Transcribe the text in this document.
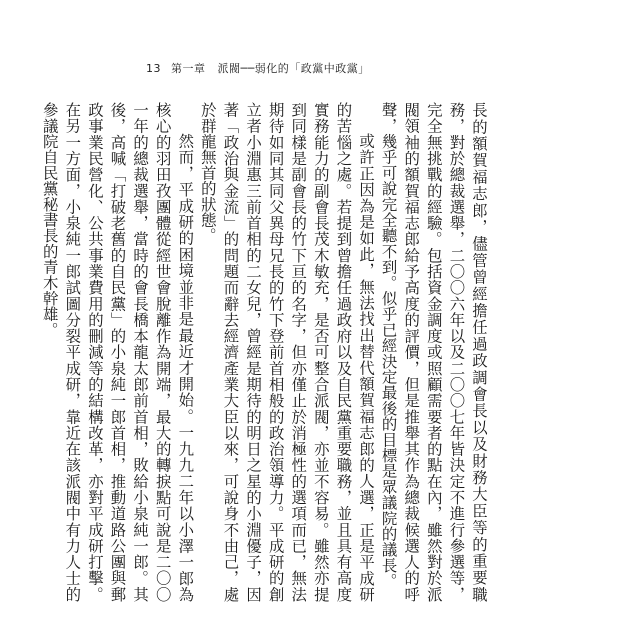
13 第一章 派閥──弱化的「政黨中政黨」

長的額賀福志郎，儘管曾經擔任過政調會長以及財務大臣等的重要職務，對於總裁選舉，二〇〇六年以及二〇〇七年皆決定不進行參選等，完全無挑戰的經驗。包括資金調度或照顧需要者的點在內，雖然對於派閥領袖的額賀福志郎給予高度的評價，但是推舉其作為總裁候選人的呼聲，幾乎可說完全聽不到。似乎已經決定最後的目標是眾議院的議長。

或許正因為是如此，無法找出替代額賀福志郎的人選，正是平成研的苦惱之處。若提到曾擔任過政府以及自民黨重要職務，並且具有高度實務能力的副會長茂木敏充，是否可整合派閥，亦並不容易。雖然亦提到同樣是副會長的竹下亘的名字，但亦僅止於消極性的選項而已，無法期待如同其同父異母兄長的竹下登前首相般的政治領導力。平成研的創立者小淵惠三前首相的二女兒，曾經是期待的明日之星的小淵優子，因著「政治與金流」的問題而辭去經濟產業大臣以來，可說身不由己，處於群龍無首的狀態。

然而，平成研的困境並非是最近才開始。一九九二年以小澤一郎為核心的羽田孜團體從經世會脫離作為開端，最大的轉捩點可說是二〇〇一年的總裁選舉，當時的會長橋本龍太郎前首相，敗給小泉純一郎。其後，高喊「打破老舊的自民黨」的小泉純一郎首相，推動道路公團與郵政事業民營化、公共事業費用的刪減等的結構改革，亦對平成研打擊。在另一方面，小泉純一郎試圖分裂平成研，靠近在該派閥中有力人士的參議院自民黨秘書長的青木幹雄。
